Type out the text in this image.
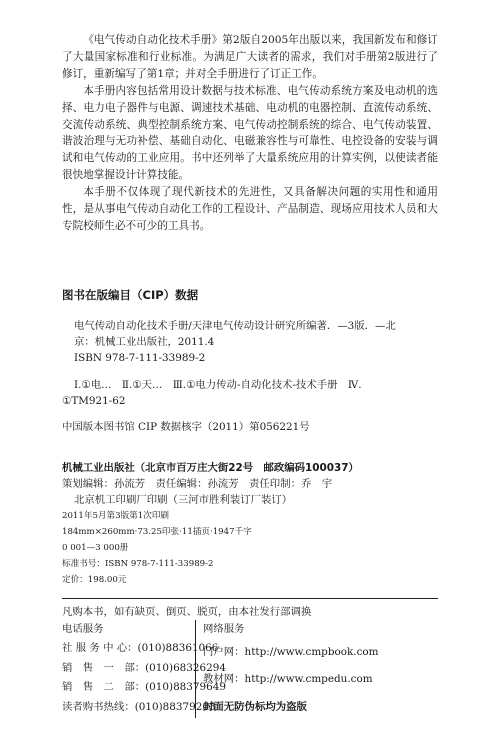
《电气传动自动化技术手册》第2版自2005年出版以来，我国新发布和修订了大量国家标准和行业标准。为满足广大读者的需求，我们对手册第2版进行了修订，重新编写了第1章；并对全手册进行了订正工作。

本手册内容包括常用设计数据与技术标准、电气传动系统方案及电动机的选择、电力电子器件与电源、调速技术基础、电动机的电器控制、直流传动系统、交流传动系统、典型控制系统方案、电气传动控制系统的综合、电气传动装置、谐波治理与无功补偿、基础自动化、电磁兼容性与可靠性、电控设备的安装与调试和电气传动的工业应用。书中还列举了大量系统应用的计算实例，以使读者能很快地掌握设计计算技能。

本手册不仅体现了现代新技术的先进性，又具备解决问题的实用性和通用性，是从事电气传动自动化工作的工程设计、产品制造、现场应用技术人员和大专院校师生必不可少的工具书。

图书在版编目（CIP）数据
电气传动自动化技术手册/天津电气传动设计研究所编著．—3版．—北
京：机械工业出版社，2011.4
ISBN 978-7-111-33989-2
Ⅰ.①电…　Ⅱ.①天…　Ⅲ.①电力传动-自动化技术-技术手册　Ⅳ.
①TM921-62
中国版本图书馆 CIP 数据核字（2011）第056221号
机械工业出版社（北京市百万庄大街22号　邮政编码100037）
策划编辑：孙流芳　责任编辑：孙流芳　责任印制：乔　宇
北京机工印刷厂印刷（三河市胜利装订厂装订）
2011年5月第3版第1次印刷
184mm×260mm·73.25印张·11插页·1947千字
0 001—3 000册
标准书号：ISBN 978-7-111-33989-2
定价：198.00元
凡购本书，如有缺页、倒页、脱页，由本社发行部调换
电话服务
社 服 务 中 心：(010)88361066
销　售　一　部：(010)68326294
销　售　二　部：(010)88379649
读者购书热线：(010)88379203
网络服务
门户网：http://www.cmpbook.com
教材网：http://www.cmpedu.com
封面无防伪标均为盗版
